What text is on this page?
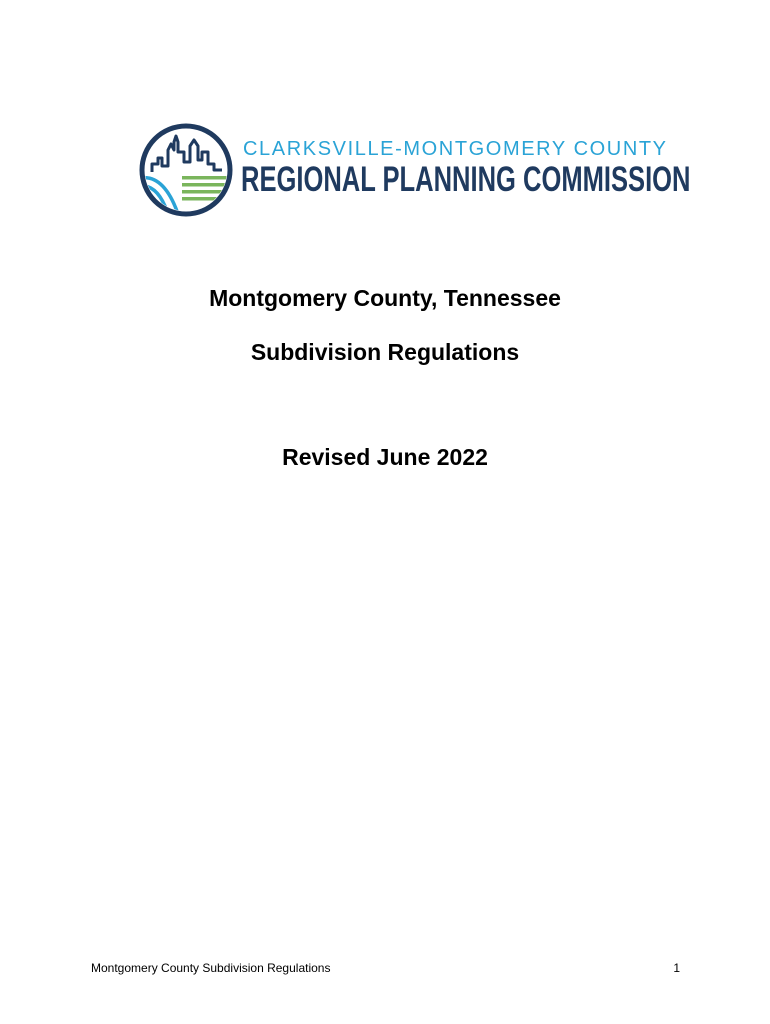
CLARKSVILLE-MONTGOMERY COUNTY
REGIONAL PLANNING COMMISSION
Montgomery County, Tennessee
Subdivision Regulations
Revised June 2022
Montgomery County Subdivision Regulations	1
